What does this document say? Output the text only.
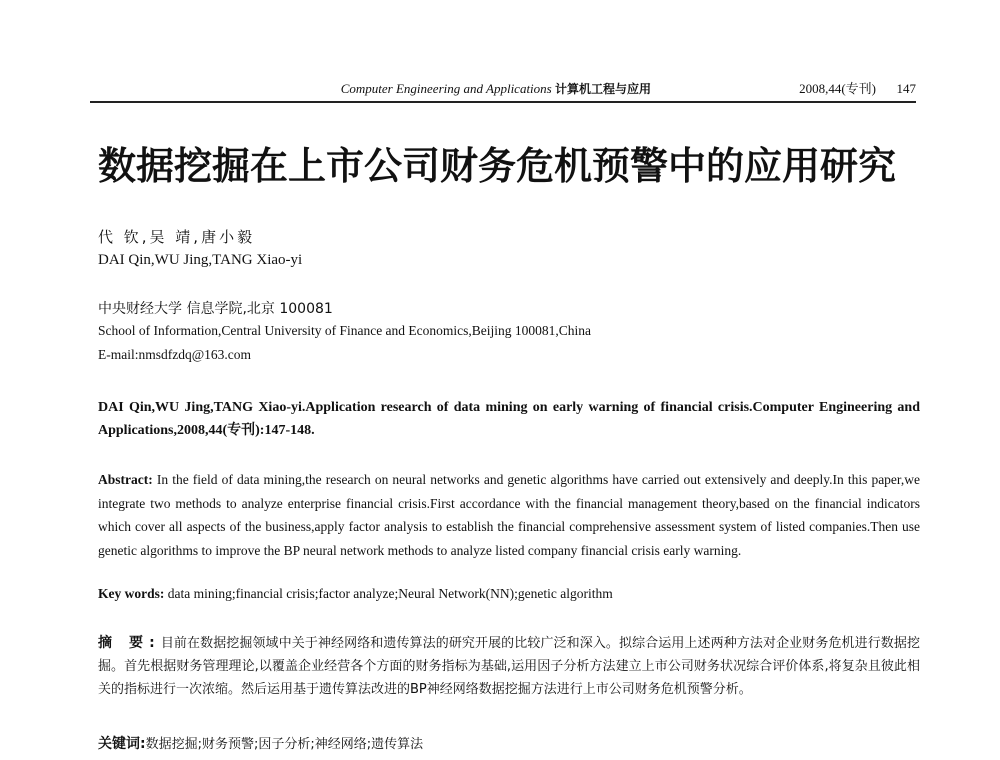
Computer Engineering and Applications 计算机工程与应用	2008,44(专刊) 147
数据挖掘在上市公司财务危机预警中的应用研究
代 钦,吴 靖,唐小毅
DAI Qin,WU Jing,TANG Xiao-yi
中央财经大学 信息学院,北京 100081
School of Information,Central University of Finance and Economics,Beijing 100081,China
E-mail:nmsdfzdq@163.com
DAI Qin,WU Jing,TANG Xiao-yi.Application research of data mining on early warning of financial crisis.Computer Engineering and Applications,2008,44(专刊):147-148.
Abstract: In the field of data mining,the research on neural networks and genetic algorithms have carried out extensively and deeply.In this paper,we integrate two methods to analyze enterprise financial crisis.First accordance with the financial management theory,based on the financial indicators which cover all aspects of the business,apply factor analysis to establish the financial comprehensive assessment system of listed companies.Then use genetic algorithms to improve the BP neural network methods to analyze listed company financial crisis early warning.
Key words: data mining;financial crisis;factor analyze;Neural Network(NN);genetic algorithm
摘 要:目前在数据挖掘领域中关于神经网络和遗传算法的研究开展的比较广泛和深入。拟综合运用上述两种方法对企业财务危机进行数据挖掘。首先根据财务管理理论,以覆盖企业经营各个方面的财务指标为基础,运用因子分析方法建立上市公司财务状况综合评价体系,将复杂且彼此相关的指标进行一次浓缩。然后运用基于遗传算法改进的BP神经网络数据挖掘方法进行上市公司财务危机预警分析。
关键词:数据挖掘;财务预警;因子分析;神经网络;遗传算法
